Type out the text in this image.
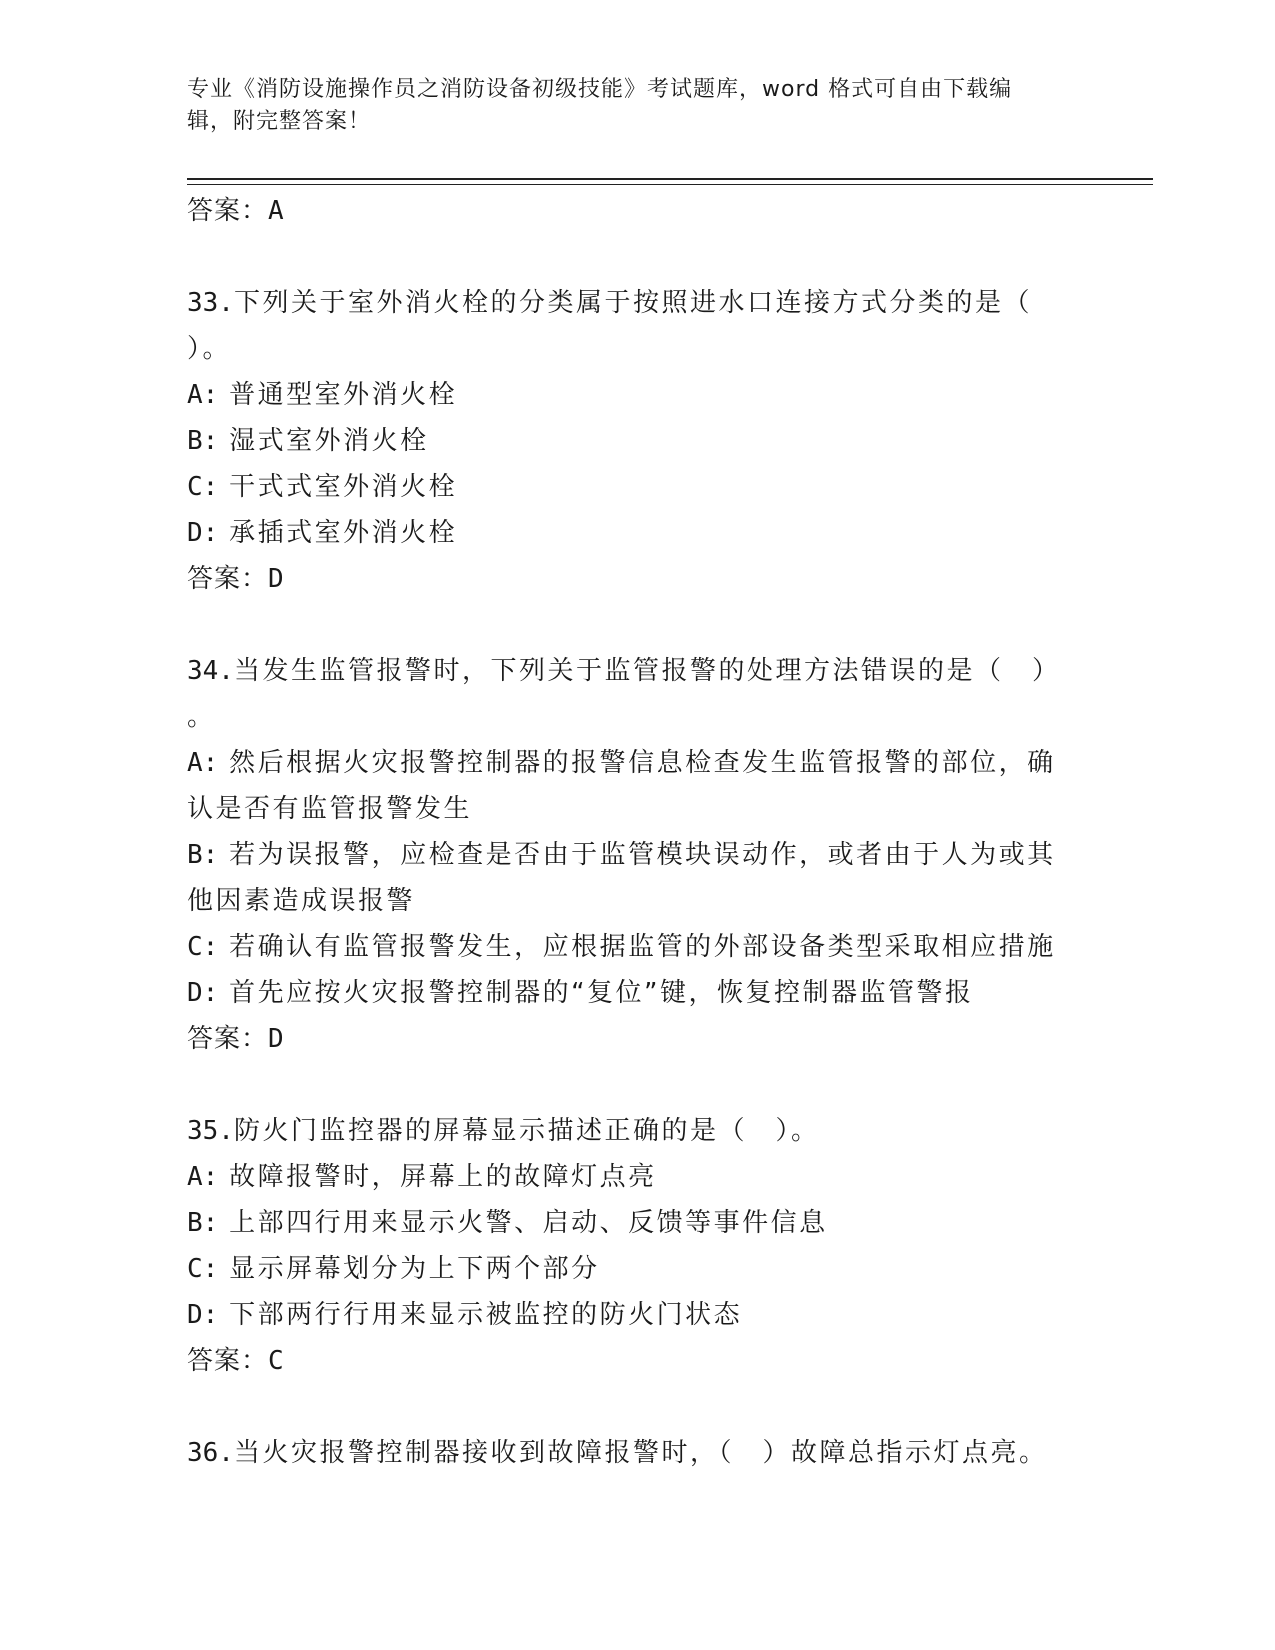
专业《消防设施操作员之消防设备初级技能》考试题库，word 格式可自由下载编
辑，附完整答案！

答案：A

33.下列关于室外消火栓的分类属于按照进水口连接方式分类的是（

）。

A: 普通型室外消火栓

B: 湿式室外消火栓

C: 干式式室外消火栓

D: 承插式室外消火栓

答案：D

34.当发生监管报警时，下列关于监管报警的处理方法错误的是（　）

。

A: 然后根据火灾报警控制器的报警信息检查发生监管报警的部位，确

认是否有监管报警发生

B: 若为误报警，应检查是否由于监管模块误动作，或者由于人为或其

他因素造成误报警

C: 若确认有监管报警发生，应根据监管的外部设备类型采取相应措施

D: 首先应按火灾报警控制器的“复位”键，恢复控制器监管警报

答案：D

35.防火门监控器的屏幕显示描述正确的是（　）。

A: 故障报警时，屏幕上的故障灯点亮

B: 上部四行用来显示火警、启动、反馈等事件信息

C: 显示屏幕划分为上下两个部分

D: 下部两行行用来显示被监控的防火门状态

答案：C

36.当火灾报警控制器接收到故障报警时，（　）故障总指示灯点亮。
